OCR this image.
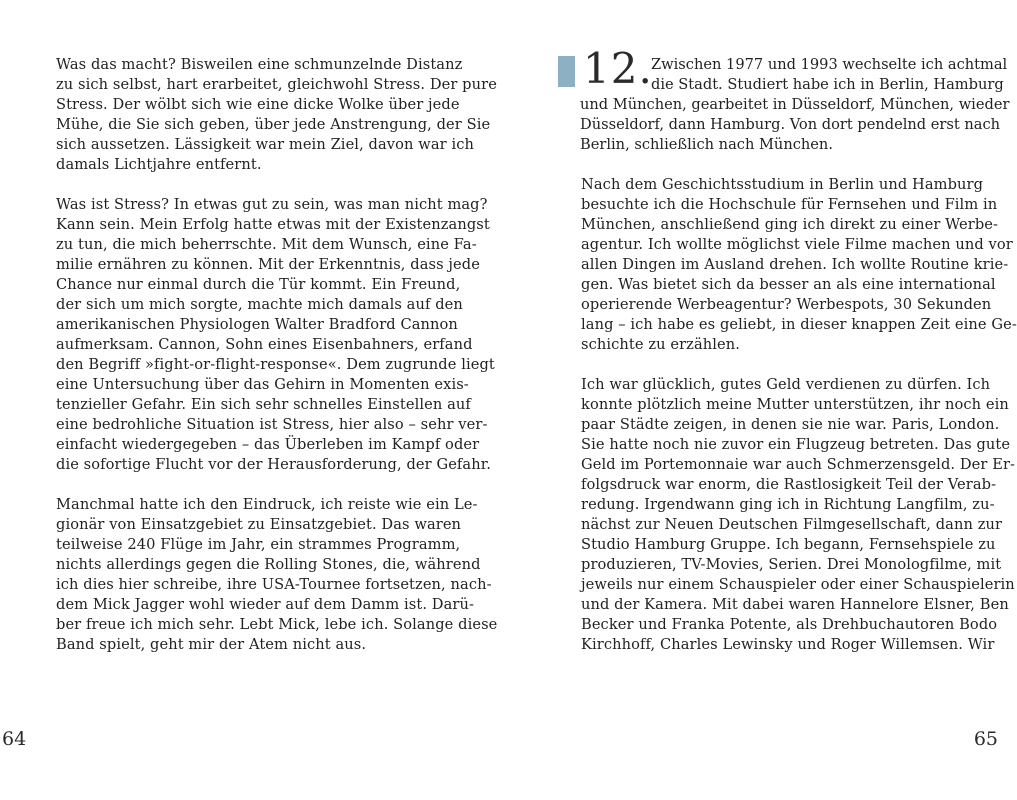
Was das macht? Bisweilen eine schmunzelnde Distanz
zu sich selbst, hart erarbeitet, gleichwohl Stress. Der pure
Stress. Der wölbt sich wie eine dicke Wolke über jede
Mühe, die Sie sich geben, über jede Anstrengung, der Sie
sich aussetzen. Lässigkeit war mein Ziel, davon war ich
damals Lichtjahre entfernt.
Was ist Stress? In etwas gut zu sein, was man nicht mag?
Kann sein. Mein Erfolg hatte etwas mit der Existenzangst
zu tun, die mich beherrschte. Mit dem Wunsch, eine Fa-
milie ernähren zu können. Mit der Erkenntnis, dass jede
Chance nur einmal durch die Tür kommt. Ein Freund,
der sich um mich sorgte, machte mich damals auf den
amerikanischen Physiologen Walter Bradford Cannon
aufmerksam. Cannon, Sohn eines Eisenbahners, erfand
den Begriff »fight-or-flight-response«. Dem zugrunde liegt
eine Untersuchung über das Gehirn in Momenten exis-
tenzieller Gefahr. Ein sich sehr schnelles Einstellen auf
eine bedrohliche Situation ist Stress, hier also – sehr ver-
einfacht wiedergegeben – das Überleben im Kampf oder
die sofortige Flucht vor der Herausforderung, der Gefahr.
Manchmal hatte ich den Eindruck, ich reiste wie ein Le-
gionär von Einsatzgebiet zu Einsatzgebiet. Das waren
teilweise 240 Flüge im Jahr, ein strammes Programm,
nichts allerdings gegen die Rolling Stones, die, während
ich dies hier schreibe, ihre USA-Tournee fortsetzen, nach-
dem Mick Jagger wohl wieder auf dem Damm ist. Darü-
ber freue ich mich sehr. Lebt Mick, lebe ich. Solange diese
Band spielt, geht mir der Atem nicht aus.
64
12.
Zwischen 1977 und 1993 wechselte ich achtmal
die Stadt. Studiert habe ich in Berlin, Hamburg
und München, gearbeitet in Düsseldorf, München, wieder
Düsseldorf, dann Hamburg. Von dort pendelnd erst nach
Berlin, schließlich nach München.
Nach dem Geschichtsstudium in Berlin und Hamburg
besuchte ich die Hochschule für Fernsehen und Film in
München, anschließend ging ich direkt zu einer Werbe-
agentur. Ich wollte möglichst viele Filme machen und vor
allen Dingen im Ausland drehen. Ich wollte Routine krie-
gen. Was bietet sich da besser an als eine international
operierende Werbeagentur? Werbespots, 30 Sekunden
lang – ich habe es geliebt, in dieser knappen Zeit eine Ge-
schichte zu erzählen.
Ich war glücklich, gutes Geld verdienen zu dürfen. Ich
konnte plötzlich meine Mutter unterstützen, ihr noch ein
paar Städte zeigen, in denen sie nie war. Paris, London.
Sie hatte noch nie zuvor ein Flugzeug betreten. Das gute
Geld im Portemonnaie war auch Schmerzensgeld. Der Er-
folgsdruck war enorm, die Rastlosigkeit Teil der Verab-
redung. Irgendwann ging ich in Richtung Langfilm, zu-
nächst zur Neuen Deutschen Filmgesellschaft, dann zur
Studio Hamburg Gruppe. Ich begann, Fernsehspiele zu
produzieren, TV-Movies, Serien. Drei Monologfilme, mit
jeweils nur einem Schauspieler oder einer Schauspielerin
und der Kamera. Mit dabei waren Hannelore Elsner, Ben
Becker und Franka Potente, als Drehbuchautoren Bodo
Kirchhoff, Charles Lewinsky und Roger Willemsen. Wir
65
